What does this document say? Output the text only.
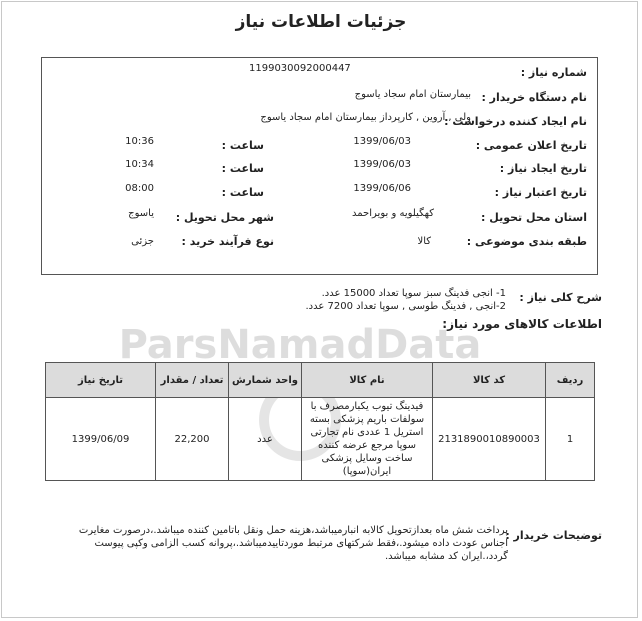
ParsNamadData
جزئیات اطلاعات نیاز
شماره نیاز :
1199030092000447
نام دستگاه خریدار :
بیمارستان امام سجاد یاسوج
نام ایجاد کننده درخواست :
ولی , آروین , کارپرداز بیمارستان امام سجاد یاسوج
تاریخ اعلان عمومی :
1399/06/03
ساعت :
10:36
تاریخ ایجاد نیاز :
1399/06/03
ساعت :
10:34
تاریخ اعتبار نیاز :
1399/06/06
ساعت :
08:00
استان محل تحویل :
کهگیلویه و بویراحمد
شهر محل تحویل :
یاسوج
طبقه بندی موضوعی :
کالا
نوع فرآیند خرید :
جزئی
شرح کلی نیاز :
1- انجی فدینگ سبز سوپا تعداد 15000 عدد.
2-انجی , فدینگ طوسی , سوپا تعداد 7200 عدد.
اطلاعات کالاهای مورد نیاز:
ردیف	کد کالا	نام کالا	واحد شمارش	تعداد / مقدار	تاریخ نیاز
1	2131890010890003	فیدینگ تیوب یکبارمصرف با سولفات باریم پزشکی بسته استریل 1 عددی نام تجارتی سوپا مرجع عرضه کننده ساخت وسایل پزشکی ایران(سوپا)	عدد	22,200	1399/06/09
توضیحات خریدار :
پرداخت شش ماه بعدازتحویل کالابه انبارمیباشد،هزینه حمل ونقل باتامین کننده میباشد.،درصورت مغایرت اجناس عودت داده میشود.،فقط شرکتهای مرتبط موردتاییدمیباشد.،پروانه کسب الزامی وکپی پیوست گردد،.ایران کد مشابه میباشد.
